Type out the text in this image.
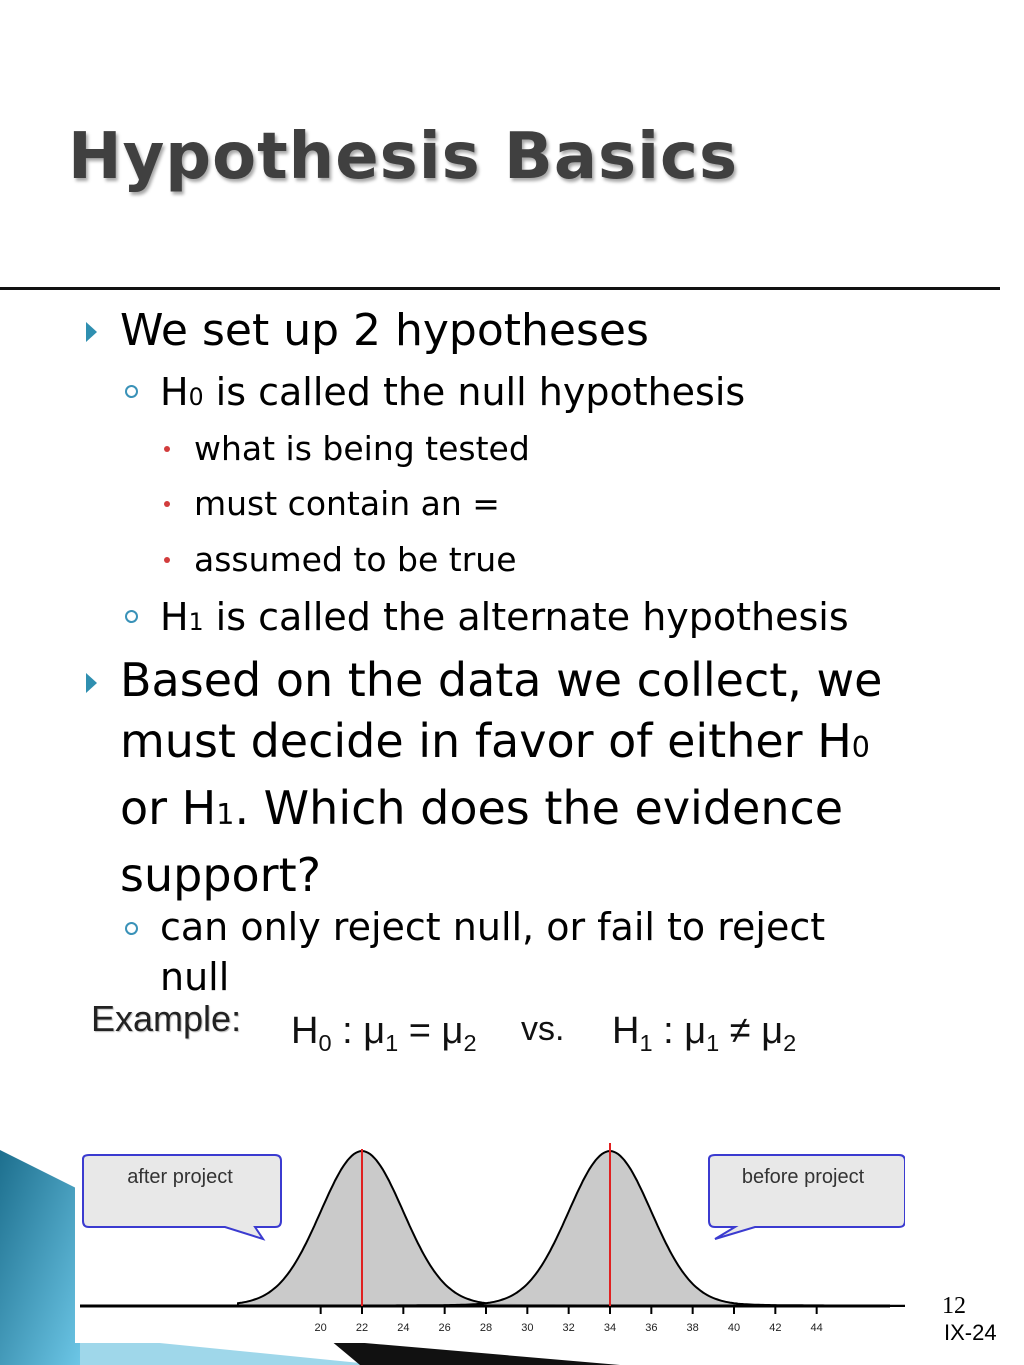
Hypothesis Basics
We set up 2 hypotheses
H0 is called the null hypothesis
what is being tested
must contain an =
assumed to be true
H1 is called the alternate hypothesis
Based on the data we collect, we
must decide in favor of either H0
or H1. Which does the evidence
support?
can only reject null, or fail to reject
null
Example: $H_0$ : $\mu_1 = \mu_2$ vs. $H_1$ : $\mu_1 \ne \mu_2$
20	22	24	26	28	30	32	34	36	38	40	42	44
after project	before project
12
IX-24
